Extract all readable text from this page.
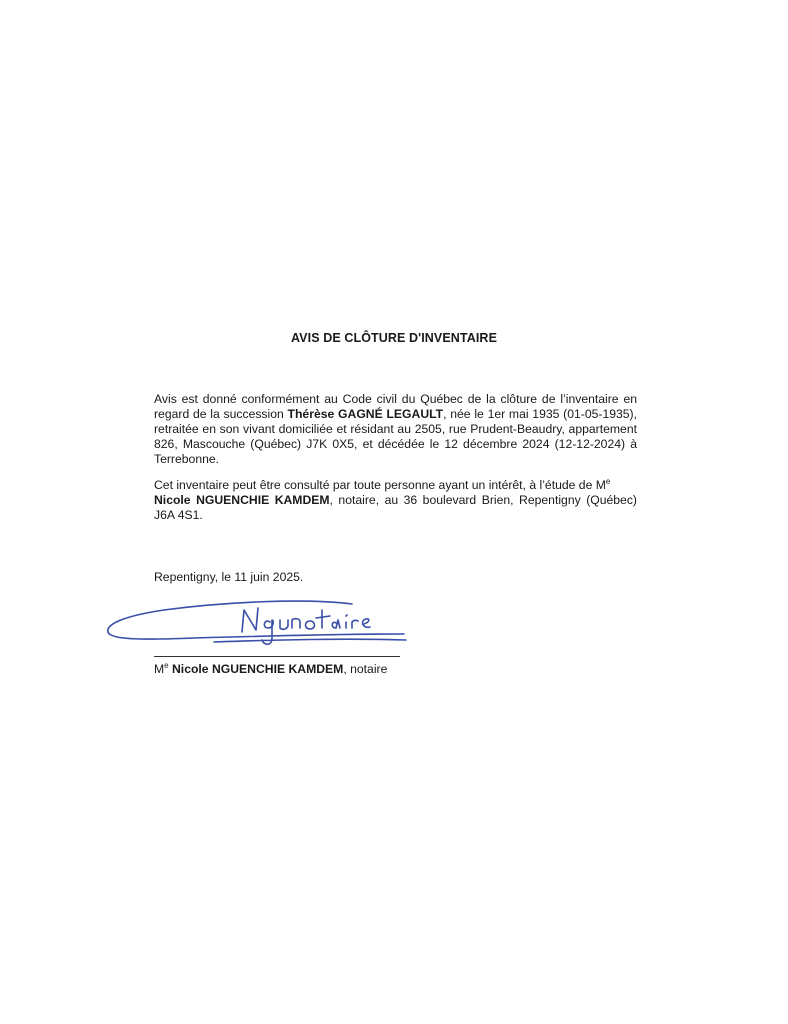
AVIS DE CLÔTURE D'INVENTAIRE

Avis est donné conformément au Code civil du Québec de la clôture de l’inventaire en regard de la succession Thérèse GAGNÉ LEGAULT, née le 1er mai 1935 (01-05-1935), retraitée en son vivant domiciliée et résidant au 2505, rue Prudent-Beaudry, appartement 826, Mascouche (Québec) J7K 0X5, et décédée le 12 décembre 2024 (12-12-2024) à Terrebonne.

Cet inventaire peut être consulté par toute personne ayant un intérêt, à l’étude de Me
Nicole NGUENCHIE KAMDEM, notaire, au 36 boulevard Brien, Repentigny (Québec) J6A 4S1.

Repentigny, le 11 juin 2025.

Me Nicole NGUENCHIE KAMDEM, notaire
